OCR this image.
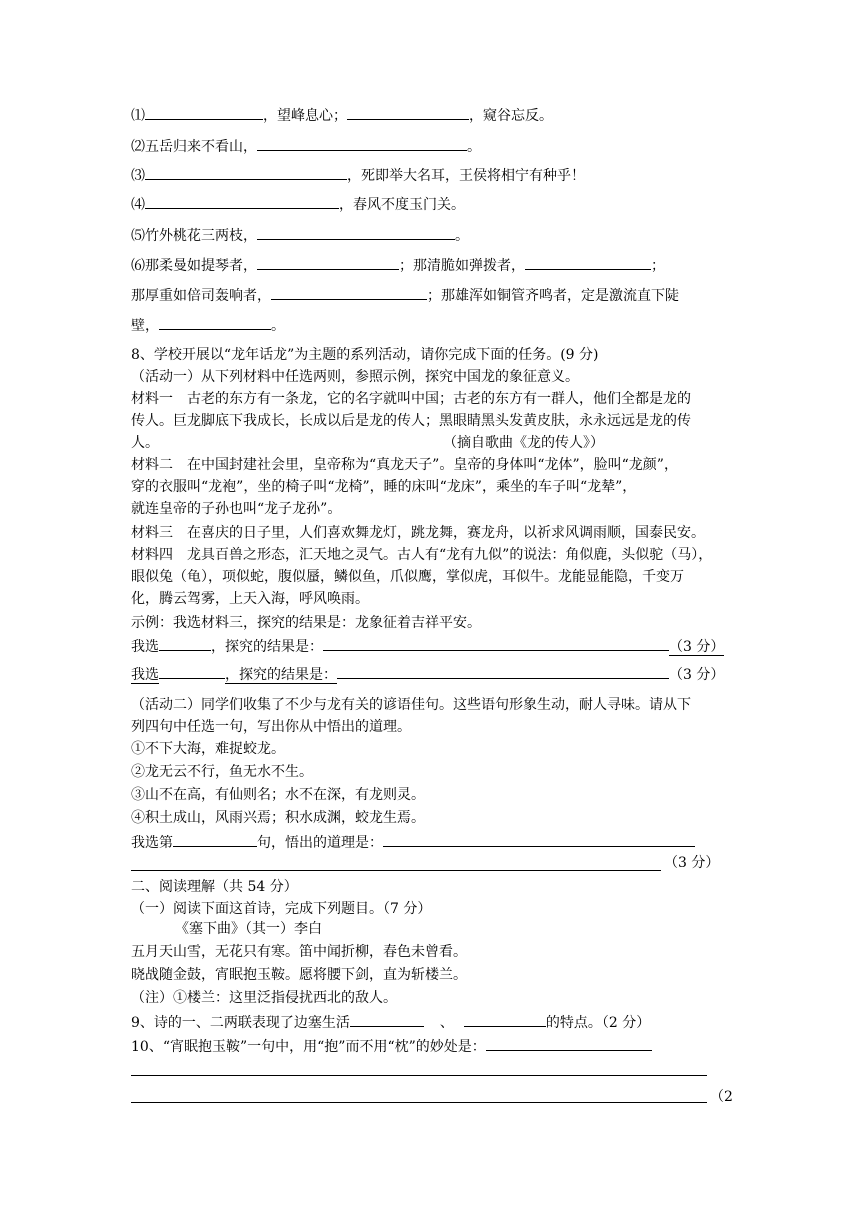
⑴	，望峰息心；	，窥谷忘反。
⑵五岳归来不看山，	。
⑶	，死即举大名耳，王侯将相宁有种乎！
⑷	，春风不度玉门关。
⑸竹外桃花三两枝，	。
⑹那柔曼如提琴者，	；那清脆如弹拨者，	；
那厚重如倍司轰响者，	；那雄浑如铜管齐鸣者，定是激流直下陡
壁，	。
8、学校开展以“龙年话龙”为主题的系列活动，请你完成下面的任务。(9 分)
（活动一）从下列材料中任选两则，参照示例，探究中国龙的象征意义。
材料一　古老的东方有一条龙，它的名字就叫中国；古老的东方有一群人，他们全都是龙的
传人。巨龙脚底下我成长，长成以后是龙的传人；黑眼睛黑头发黄皮肤，永永远远是龙的传
人。	（摘自歌曲《龙的传人》）
材料二　在中国封建社会里，皇帝称为“真龙天子”。皇帝的身体叫“龙体”，脸叫“龙颜”，
穿的衣服叫“龙袍”，坐的椅子叫“龙椅”，睡的床叫“龙床”，乘坐的车子叫“龙辇”，
就连皇帝的子孙也叫“龙子龙孙”。
材料三　在喜庆的日子里，人们喜欢舞龙灯，跳龙舞，赛龙舟，以祈求风调雨顺，国泰民安。
材料四　龙具百兽之形态，汇天地之灵气。古人有“龙有九似”的说法：角似鹿，头似驼（马），
眼似兔（龟），项似蛇，腹似蜃，鳞似鱼，爪似鹰，掌似虎，耳似牛。龙能显能隐，千变万
化，腾云驾雾，上天入海，呼风唤雨。
示例：我选材料三，探究的结果是：龙象征着吉祥平安。
我选	，探究的结果是：	（3 分）
我选	，探究的结果是：	（3 分）
（活动二）同学们收集了不少与龙有关的谚语佳句。这些语句形象生动，耐人寻味。请从下
列四句中任选一句，写出你从中悟出的道理。
①不下大海，难捉蛟龙。
②龙无云不行，鱼无水不生。
③山不在高，有仙则名；水不在深，有龙则灵。
④积土成山，风雨兴焉；积水成渊，蛟龙生焉。
我选第	句，悟出的道理是：
（3 分）
二、阅读理解（共 54 分）
（一）阅读下面这首诗，完成下列题目。（7 分）
《塞下曲》（其一）李白
五月天山雪，无花只有寒。笛中闻折柳，春色未曾看。
晓战随金鼓，宵眠抱玉鞍。愿将腰下剑，直为斩楼兰。
（注）①楼兰：这里泛指侵扰西北的敌人。
9、诗的一、二两联表现了边塞生活	、	的特点。（2 分）
10、“宵眠抱玉鞍”一句中，用“抱”而不用“枕”的妙处是：
（2
